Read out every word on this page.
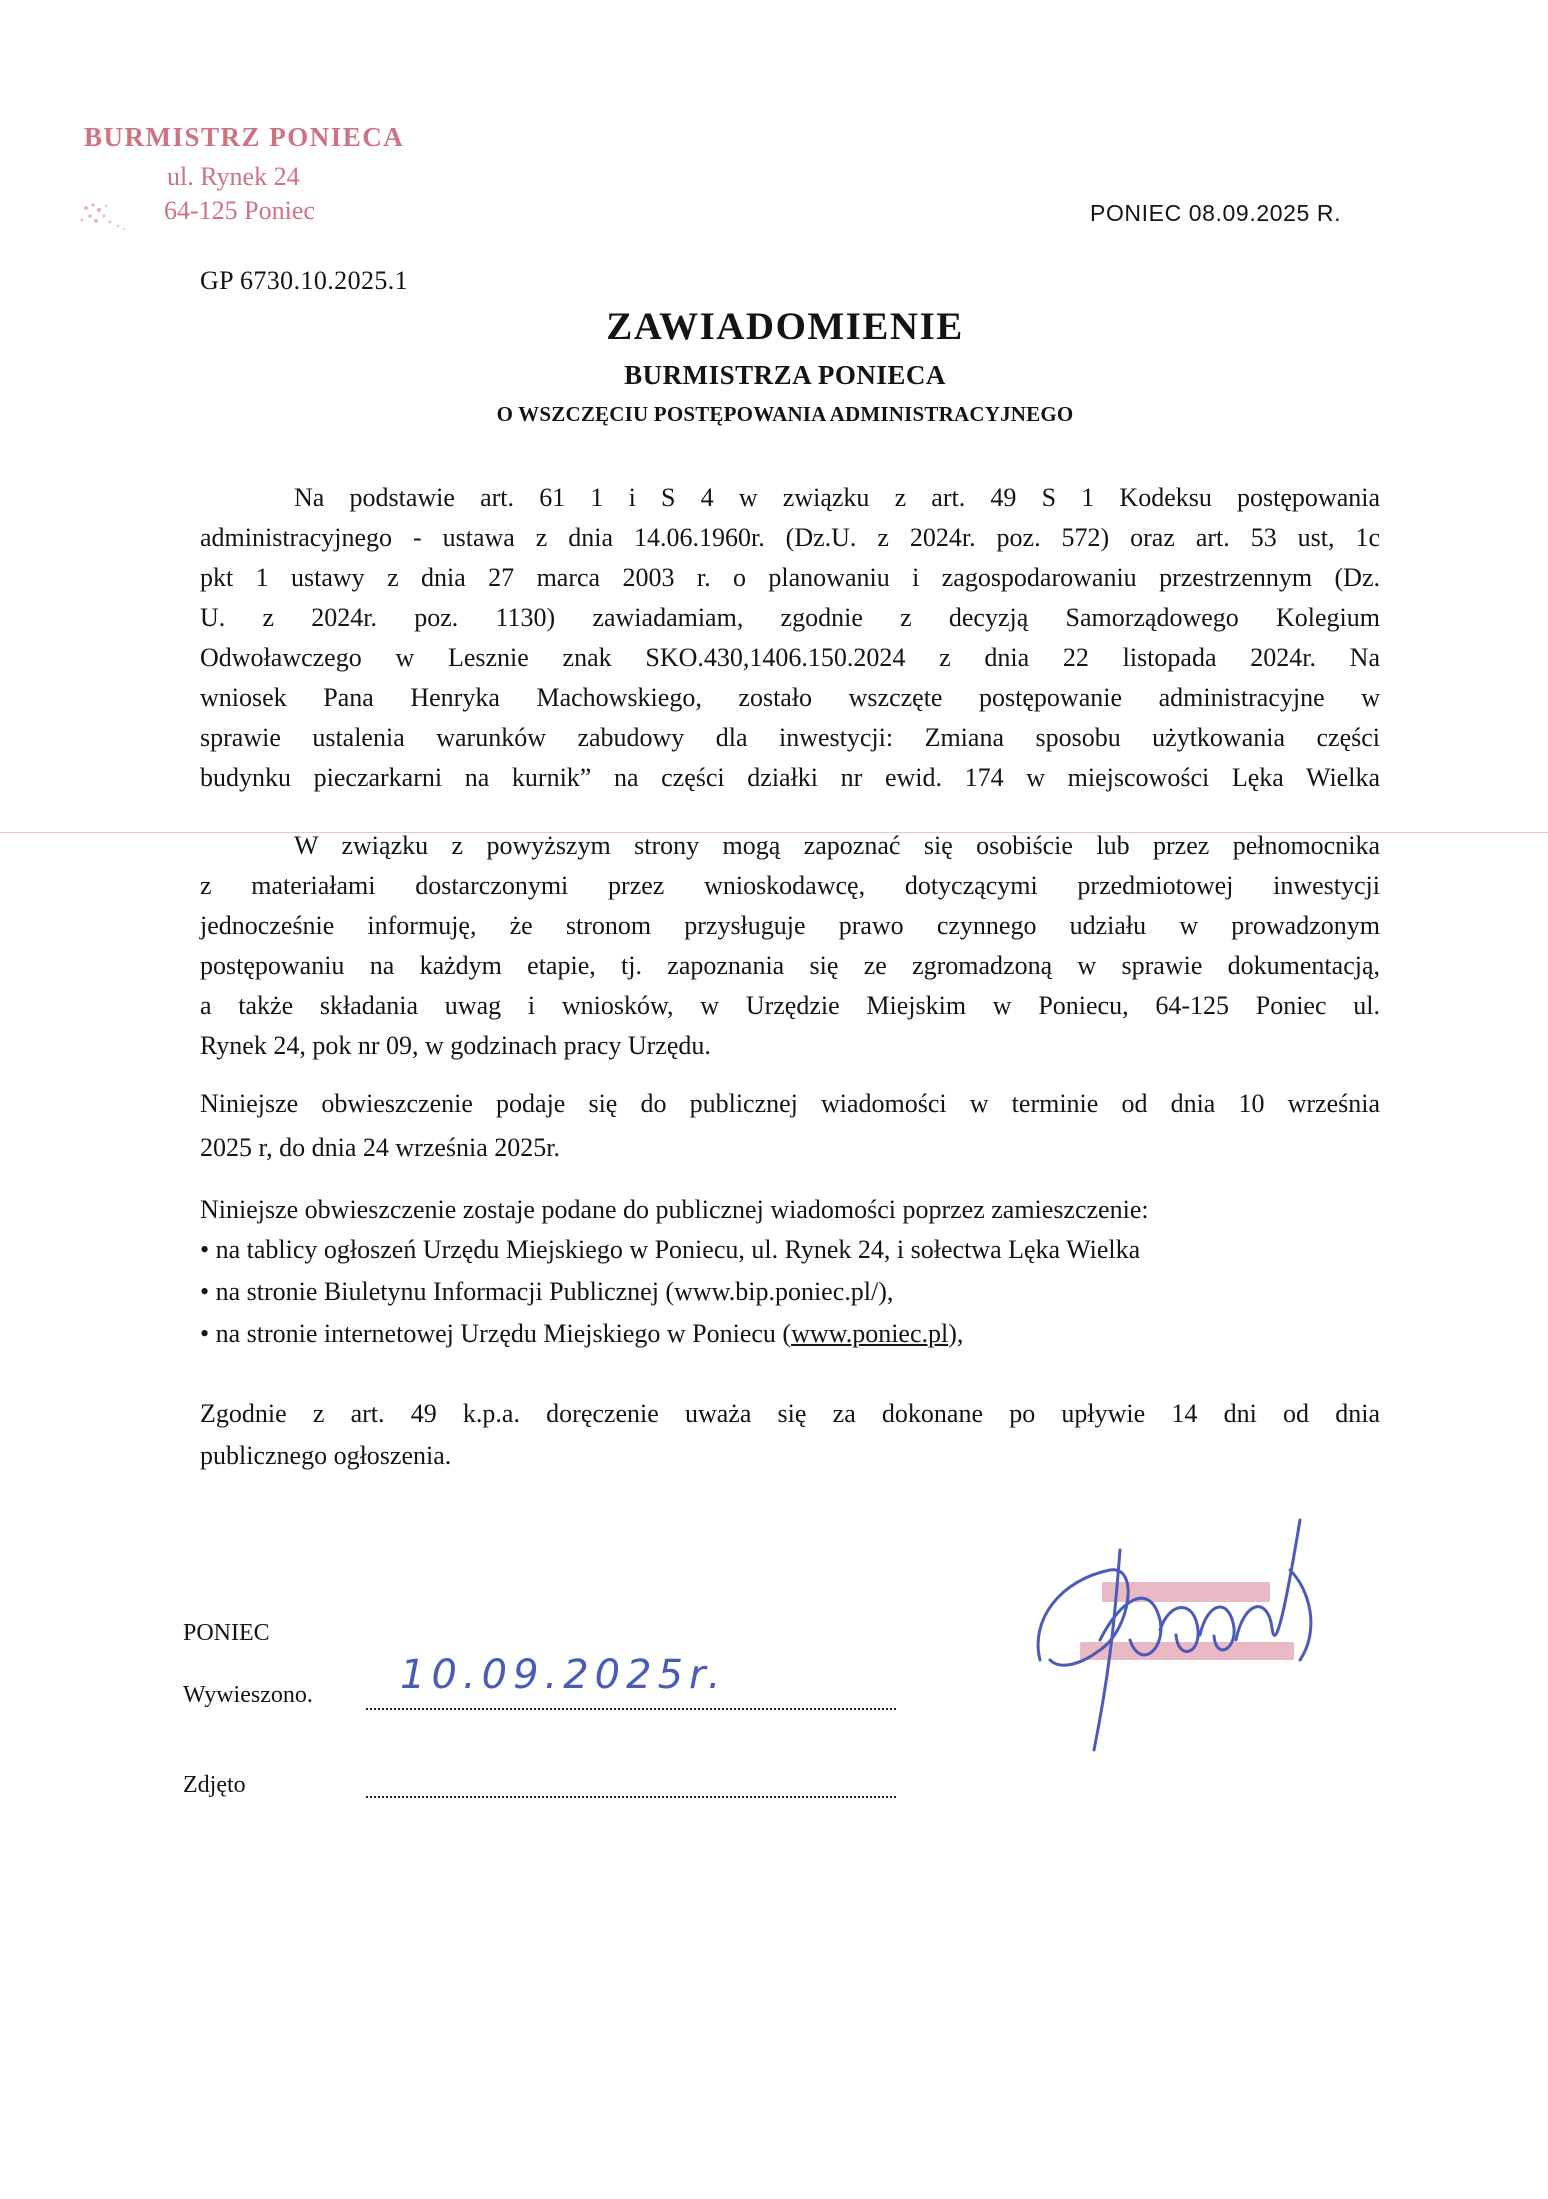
BURMISTRZ PONIECA
ul. Rynek 24
64-125 Poniec	PONIEC 08.09.2025 R.
GP 6730.10.2025.1
ZAWIADOMIENIE
BURMISTRZA PONIECA
O WSZCZĘCIU POSTĘPOWANIA ADMINISTRACYJNEGO
Na podstawie art. 61 1 i S 4 w związku z art. 49 S 1 Kodeksu postępowania
administracyjnego - ustawa z dnia 14.06.1960r. (Dz.U. z 2024r. poz. 572) oraz art. 53 ust, 1c
pkt 1 ustawy z dnia 27 marca 2003 r. o planowaniu i zagospodarowaniu przestrzennym (Dz.
U. z 2024r. poz. 1130) zawiadamiam, zgodnie z decyzją Samorządowego Kolegium
Odwoławczego w Lesznie znak SKO.430,1406.150.2024 z dnia 22 listopada 2024r. Na
wniosek Pana Henryka Machowskiego, zostało wszczęte postępowanie administracyjne w
sprawie ustalenia warunków zabudowy dla inwestycji: Zmiana sposobu użytkowania części
budynku pieczarkarni na kurnik” na części działki nr ewid. 174 w miejscowości Lęka Wielka
W związku z powyższym strony mogą zapoznać się osobiście lub przez pełnomocnika
z materiałami dostarczonymi przez wnioskodawcę, dotyczącymi przedmiotowej inwestycji
jednocześnie informuję, że stronom przysługuje prawo czynnego udziału w prowadzonym
postępowaniu na każdym etapie, tj. zapoznania się ze zgromadzoną w sprawie dokumentacją,
a także składania uwag i wniosków, w Urzędzie Miejskim w Poniecu, 64-125 Poniec ul.
Rynek 24, pok nr 09, w godzinach pracy Urzędu.
Niniejsze obwieszczenie podaje się do publicznej wiadomości w terminie od dnia 10 września
2025 r, do dnia 24 września 2025r.
Niniejsze obwieszczenie zostaje podane do publicznej wiadomości poprzez zamieszczenie:
• na tablicy ogłoszeń Urzędu Miejskiego w Poniecu, ul. Rynek 24, i sołectwa Lęka Wielka
• na stronie Biuletynu Informacji Publicznej (www.bip.poniec.pl/),
• na stronie internetowej Urzędu Miejskiego w Poniecu (www.poniec.pl),
Zgodnie z art. 49 k.p.a. doręczenie uważa się za dokonane po upływie 14 dni od dnia
publicznego ogłoszenia.
PONIEC
Wywieszono. 10.09.2025r.
Zdjęto
